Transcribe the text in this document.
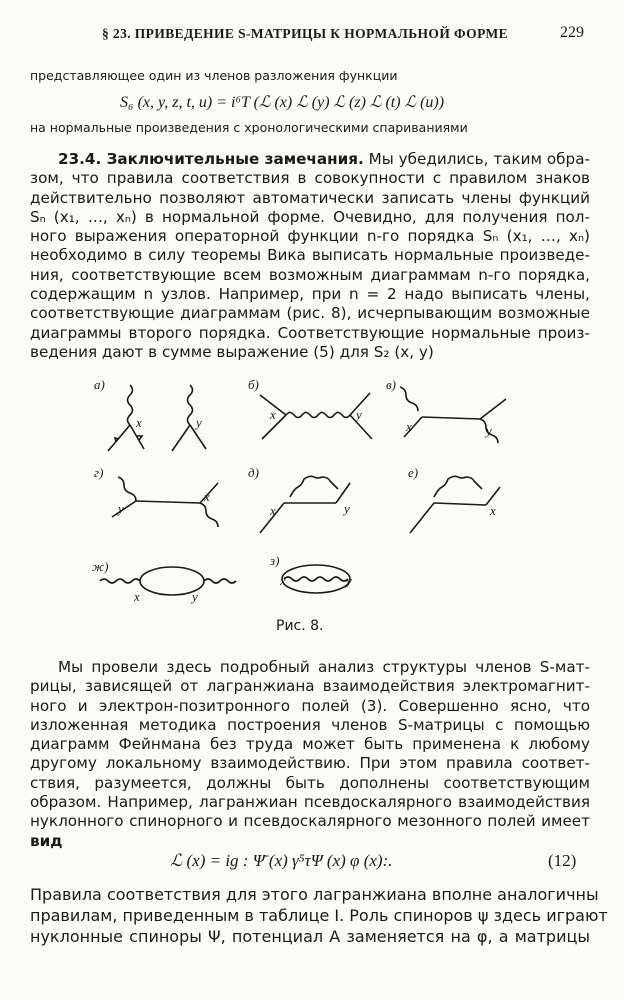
§ 23. ПРИВЕДЕНИЕ S-МАТРИЦЫ К НОРМАЛЬНОЙ ФОРМЕ	229
представляющее один из членов разложения функции
S₆ (x, y, z, t, u) = i⁶T (ℒ (x) ℒ (y) ℒ (z) ℒ (t) ℒ (u))
на нормальные произведения с хронологическими спариваниями
23.4. Заключительные замечания. Мы убедились, таким обра-
зом, что правила соответствия в совокупности с правилом знаков
действительно позволяют автоматически записать члены функций
Sₙ (x₁, …, xₙ) в нормальной форме. Очевидно, для получения пол-
ного выражения операторной функции n-го порядка Sₙ (x₁, …, xₙ)
необходимо в силу теоремы Вика выписать нормальные произведе-
ния, соответствующие всем возможным диаграммам n-го порядка,
содержащим n узлов. Например, при n = 2 надо выписать члены,
соответствующие диаграммам (рис. 8), исчерпывающим возможные
диаграммы второго порядка. Соответствующие нормальные произ-
ведения дают в сумме выражение (5) для S₂ (x, y)
а)	б)	в)
г)	д)	е)
ж)	з)
x	y
x	y
x	y
x
y	x	y	x
x	y
x	y
Рис. 8.
Мы провели здесь подробный анализ структуры членов S-мат-
рицы, зависящей от лагранжиана взаимодействия электромагнит-
ного и электрон-позитронного полей (3). Совершенно ясно, что
изложенная методика построения членов S-матрицы с помощью
диаграмм Фейнмана без труда может быть применена к любому
другому локальному взаимодействию. При этом правила соответ-
ствия, разумеется, должны быть дополнены соответствующим
образом. Например, лагранжиан псевдоскалярного взаимодействия
нуклонного спинорного и псевдоскалярного мезонного полей имеет
вид
ℒ (x) = ig : Ψ̄ (x) γ⁵τΨ (x) φ (x):.	(12)
Правила соответствия для этого лагранжиана вполне аналогичны
правилам, приведенным в таблице I. Роль спиноров ψ здесь играют
нуклонные спиноры Ψ, потенциал A заменяется на φ, а матрицы
